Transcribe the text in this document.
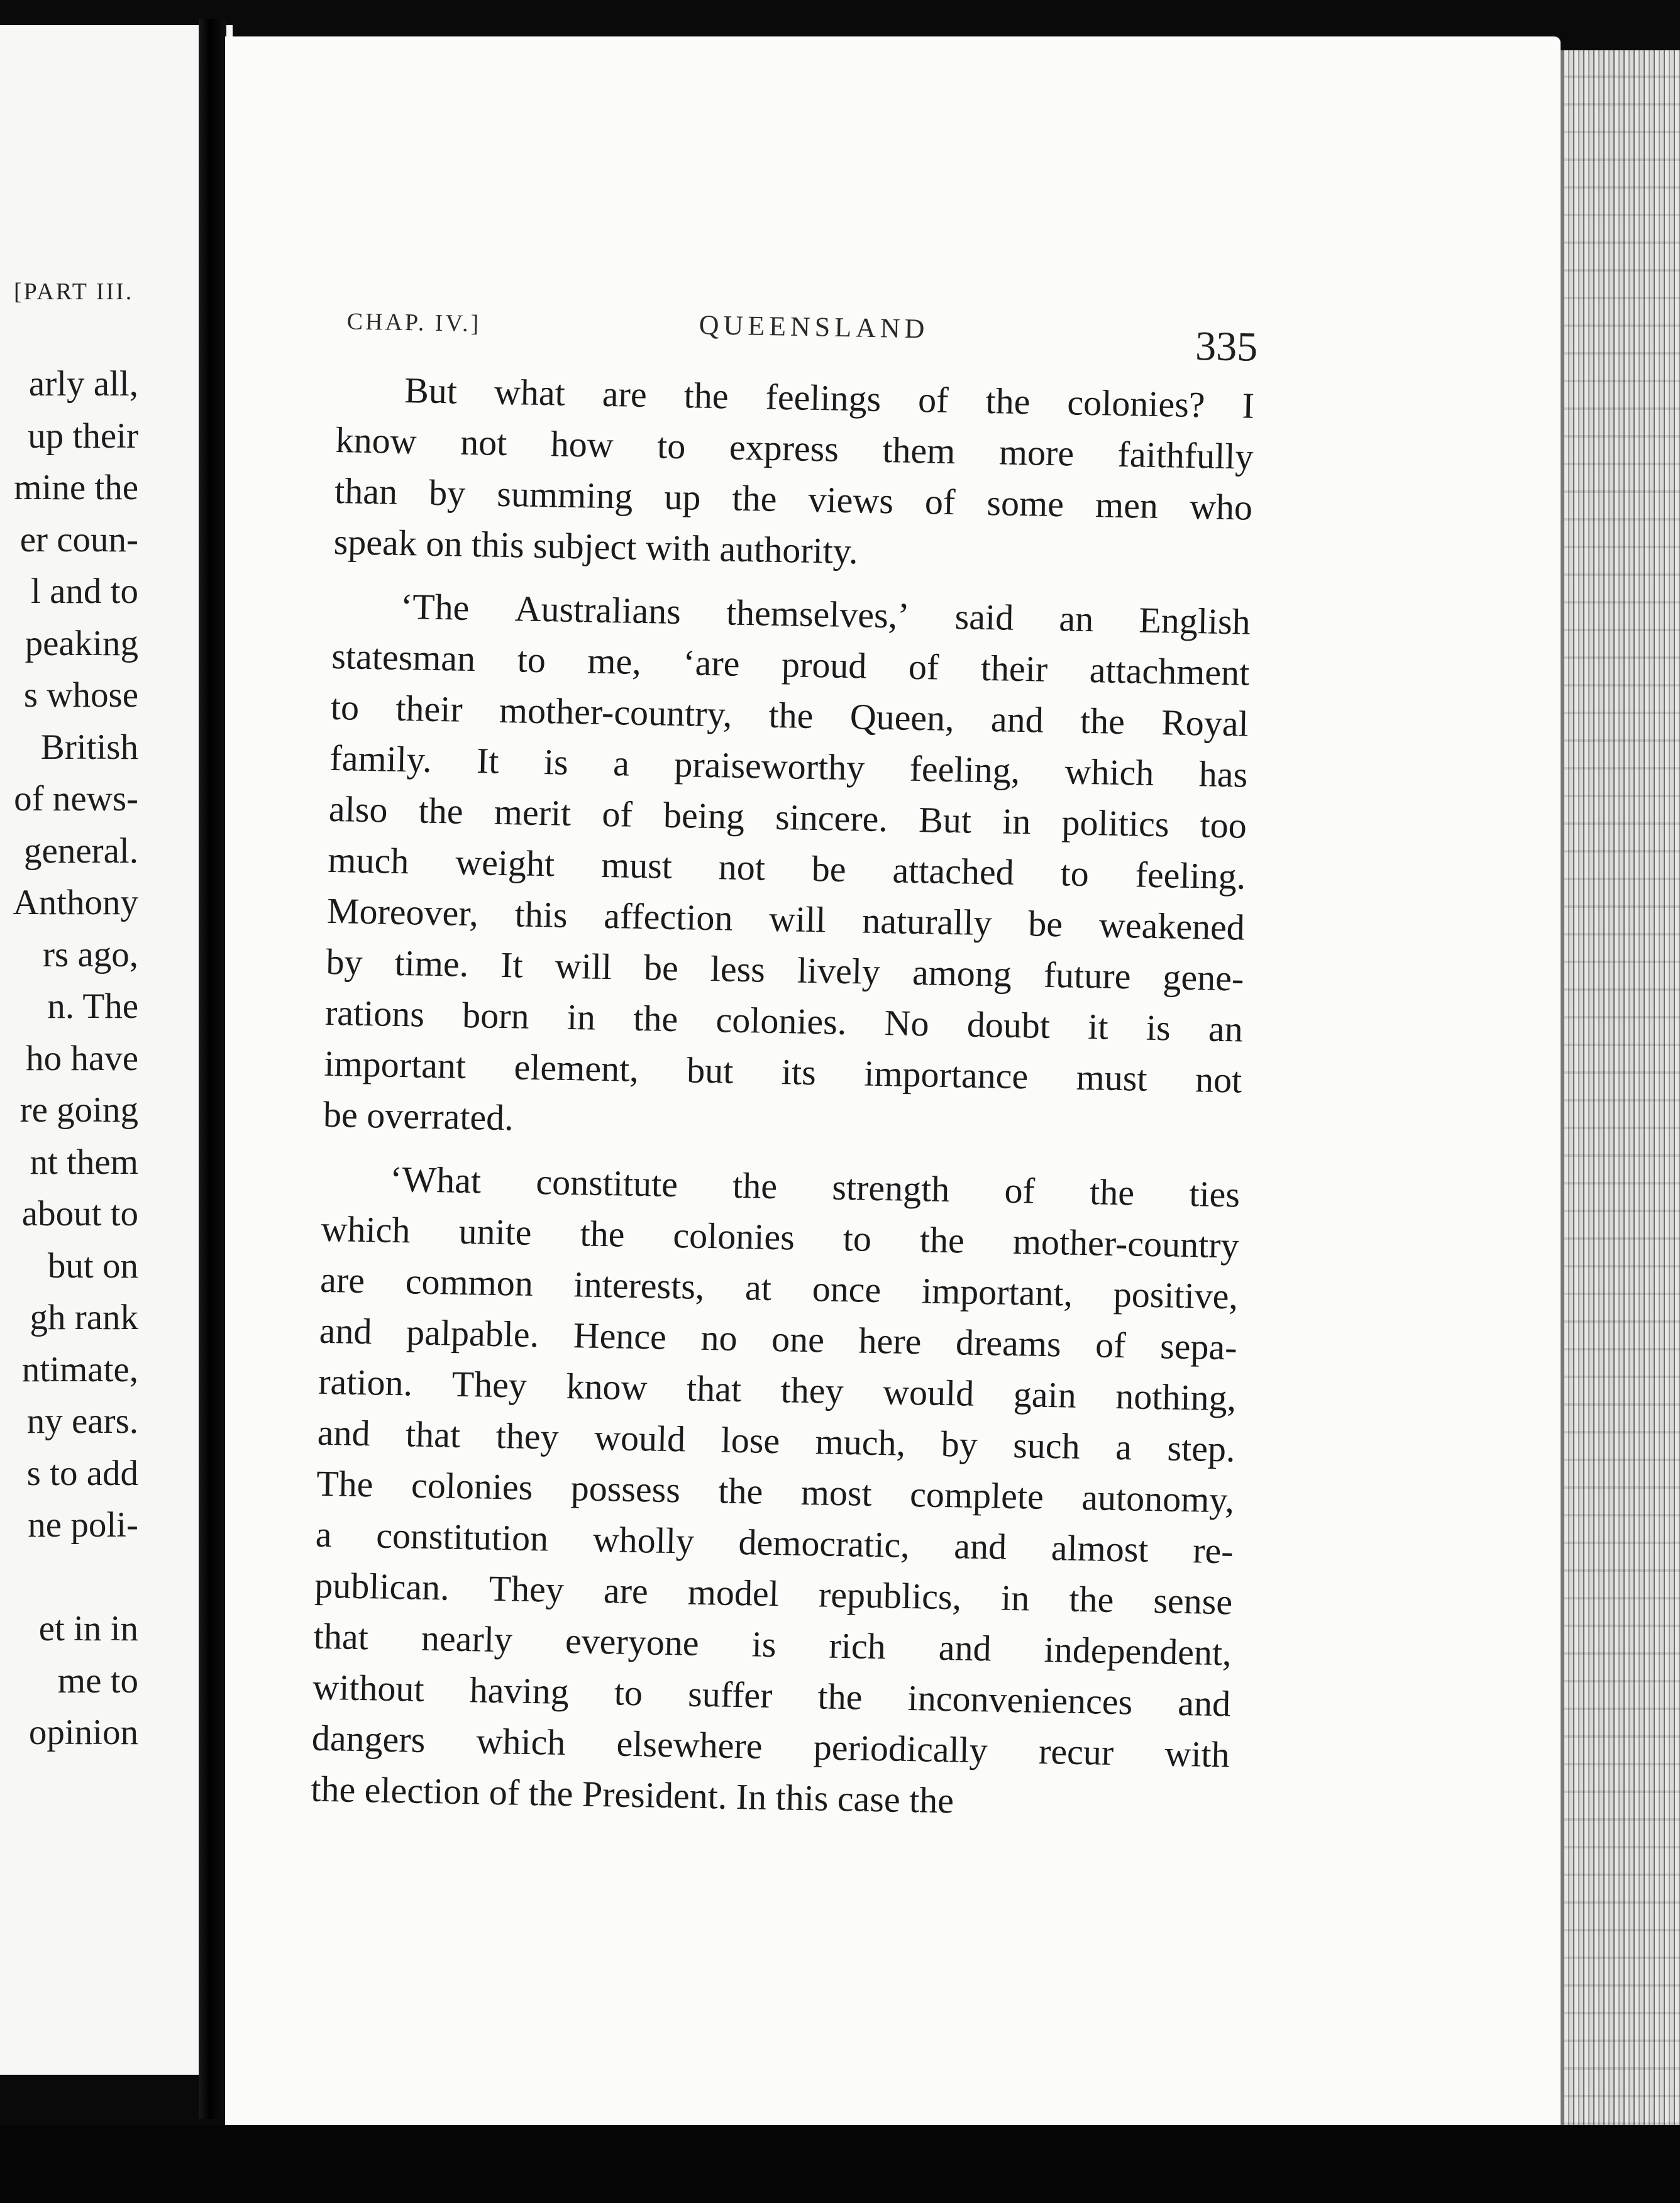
[PART III.
arly all,
up their
mine the
er coun-
l and to
peaking
s whose
British
of news-
general.
Anthony
rs ago,
n. The
ho have
re going
nt them
about to
but on
gh rank
ntimate,
ny ears.
s to add
ne poli-
et in in
me to
opinion
CHAP. IV.]	QUEENSLAND	335
But what are the feelings of the colonies? I
know not how to express them more faithfully
than by summing up the views of some men who
speak on this subject with authority.
‘The Australians themselves,’ said an English
statesman to me, ‘are proud of their attachment
to their mother-country, the Queen, and the Royal
family. It is a praiseworthy feeling, which has
also the merit of being sincere. But in politics too
much weight must not be attached to feeling.
Moreover, this affection will naturally be weakened
by time. It will be less lively among future gene-
rations born in the colonies. No doubt it is an
important element, but its importance must not
be overrated.
‘What constitute the strength of the ties
which unite the colonies to the mother-country
are common interests, at once important, positive,
and palpable. Hence no one here dreams of sepa-
ration. They know that they would gain nothing,
and that they would lose much, by such a step.
The colonies possess the most complete autonomy,
a constitution wholly democratic, and almost re-
publican. They are model republics, in the sense
that nearly everyone is rich and independent,
without having to suffer the inconveniences and
dangers which elsewhere periodically recur with
the election of the President. In this case the
